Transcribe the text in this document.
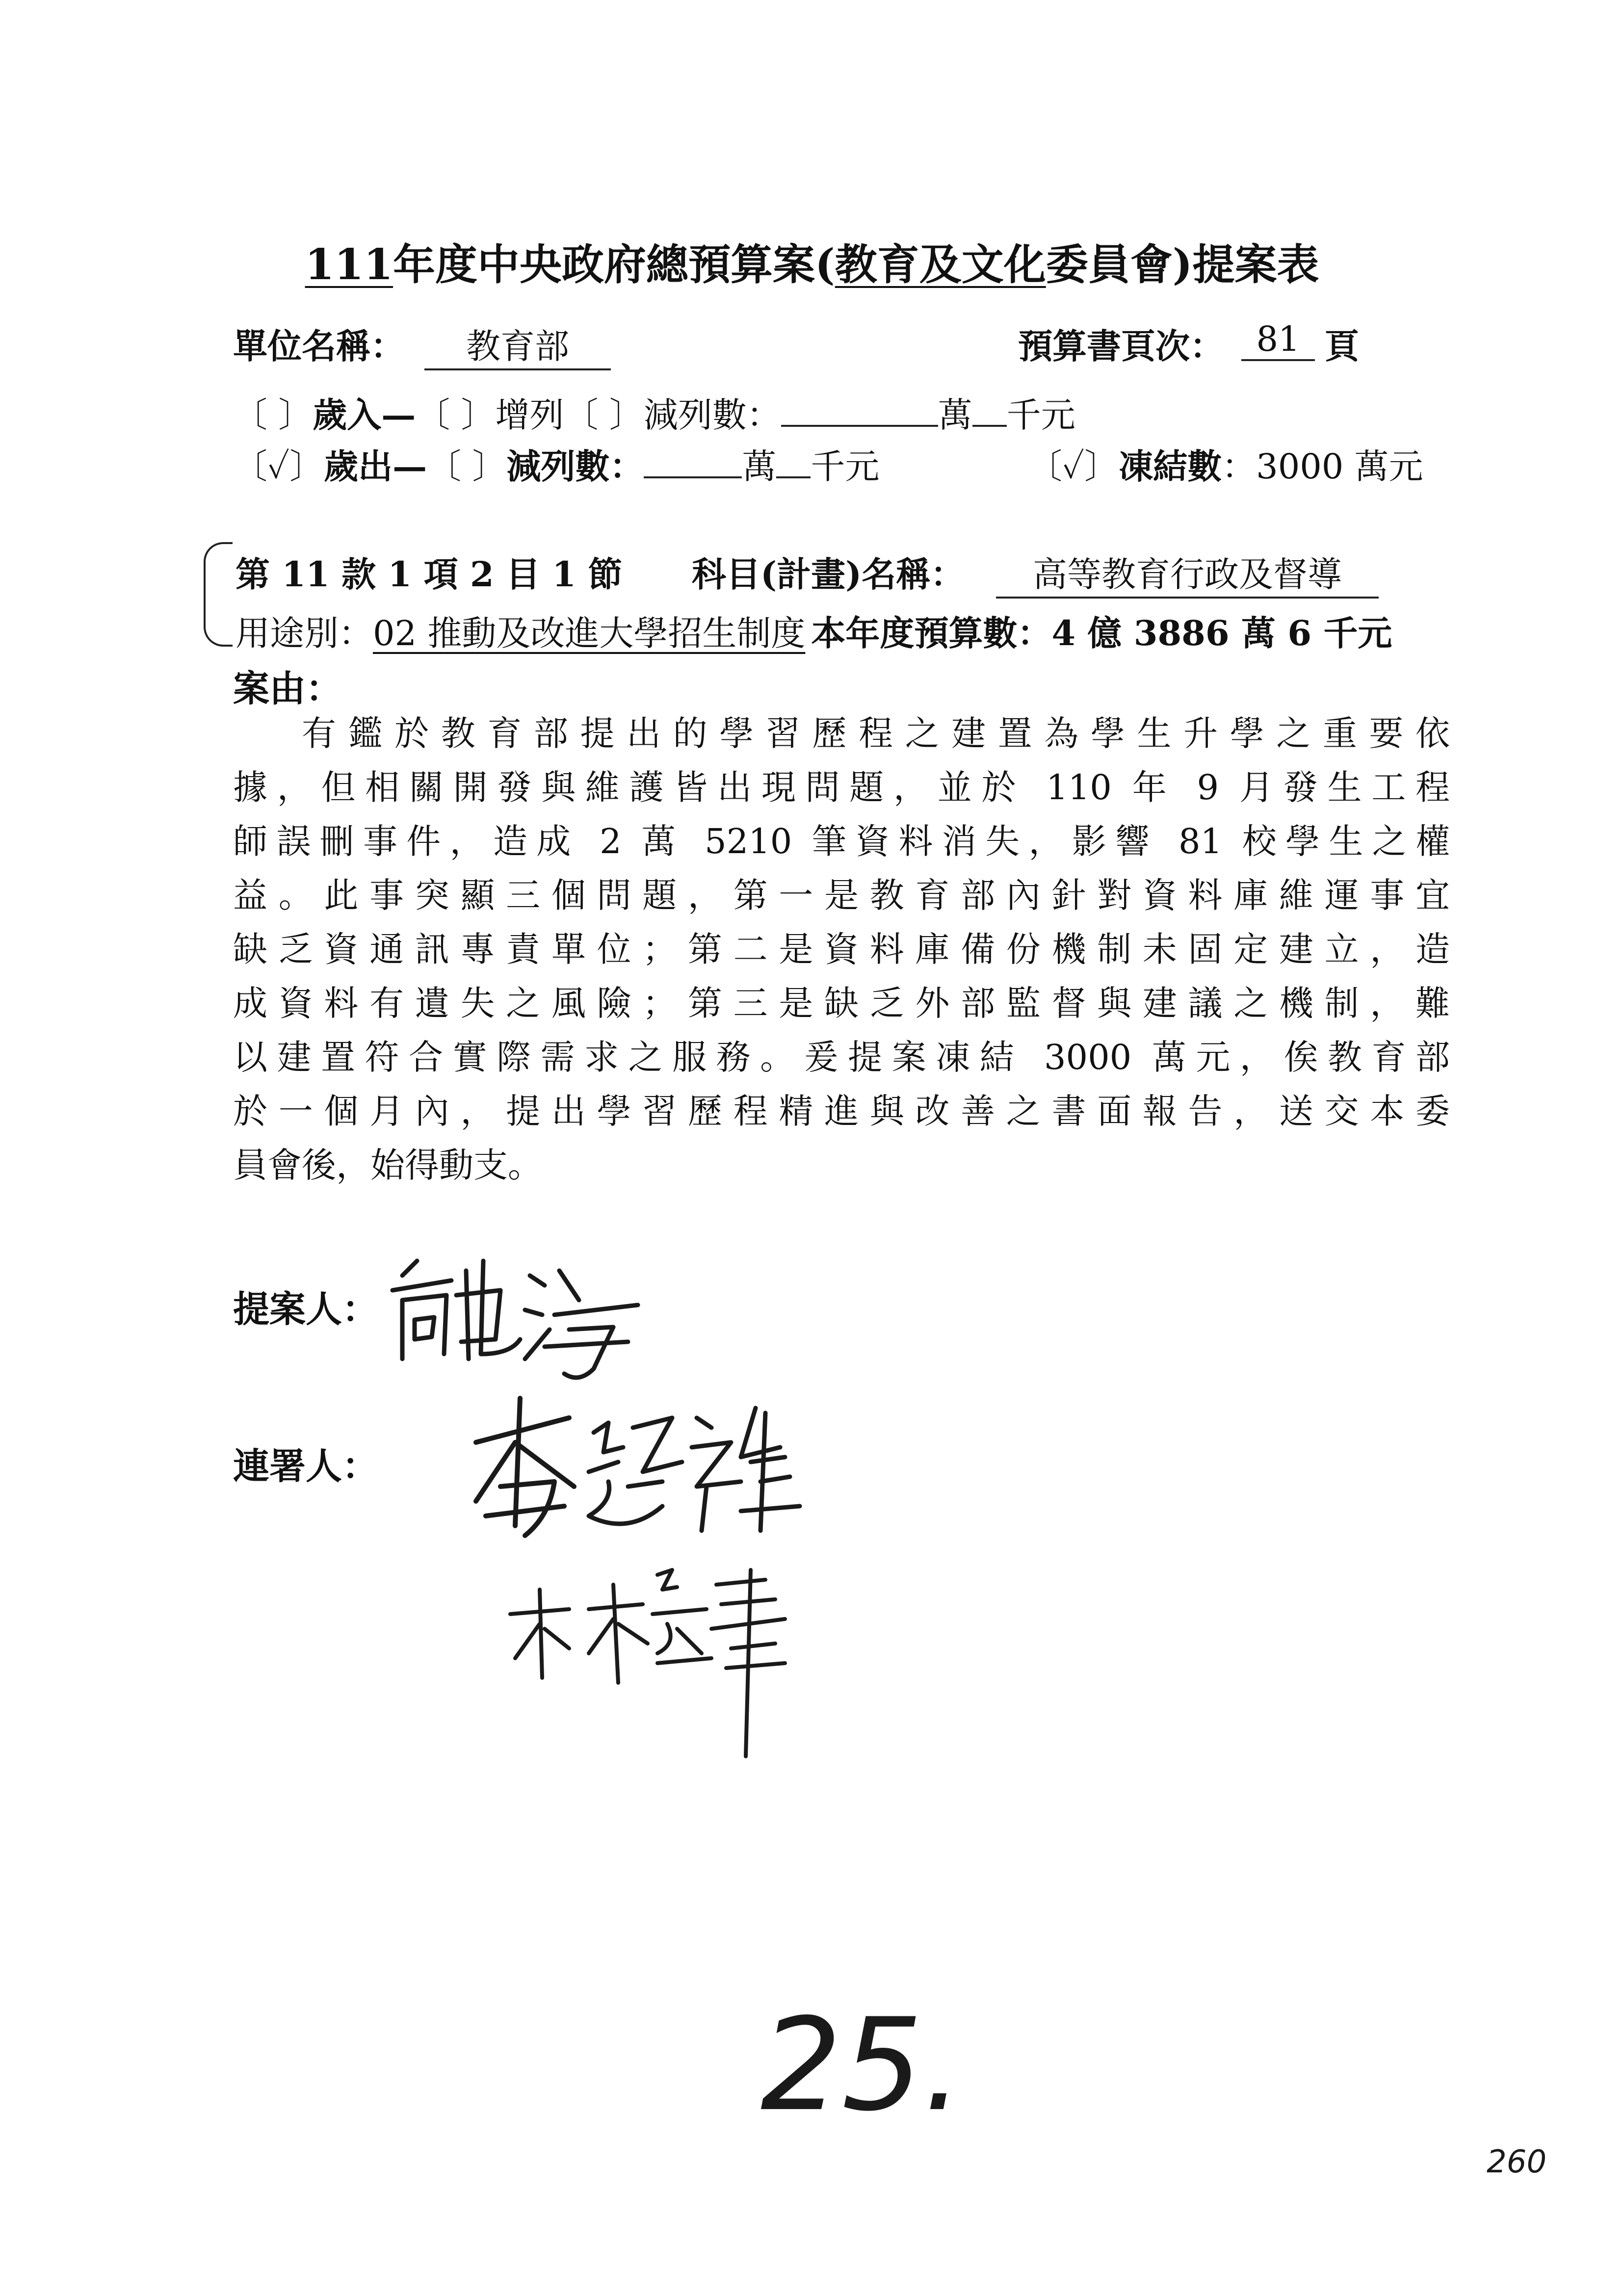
111年度中央政府總預算案(教育及文化委員會)提案表
單位名稱：	教育部	預算書頁次： 81 頁
〔 〕歲入—〔 〕增列〔 〕減列數：	萬 千元
〔✓〕歲出—〔 〕減列數：	萬 千元	〔✓〕凍結數：3000 萬元
第 11 款 1 項 2 目 1 節 科目(計畫)名稱：	高等教育行政及督導
用途別：02 推動及改進大學招生制度 本年度預算數：4 億 3886 萬 6 千元
案由：
有鑑於教育部提出的學習歷程之建置為學生升學之重要依
據，但相關開發與維護皆出現問題，並於 110 年 9 月發生工程
師誤刪事件，造成 2 萬 5210 筆資料消失，影響 81 校學生之權
益。此事突顯三個問題，第一是教育部內針對資料庫維運事宜
缺乏資通訊專責單位；第二是資料庫備份機制未固定建立，造
成資料有遺失之風險；第三是缺乏外部監督與建議之機制，難
以建置符合實際需求之服務。爰提案凍結 3000 萬元，俟教育部
於一個月內，提出學習歷程精進與改善之書面報告，送交本委
員會後，始得動支。
提案人：
連署人：
25.
260
